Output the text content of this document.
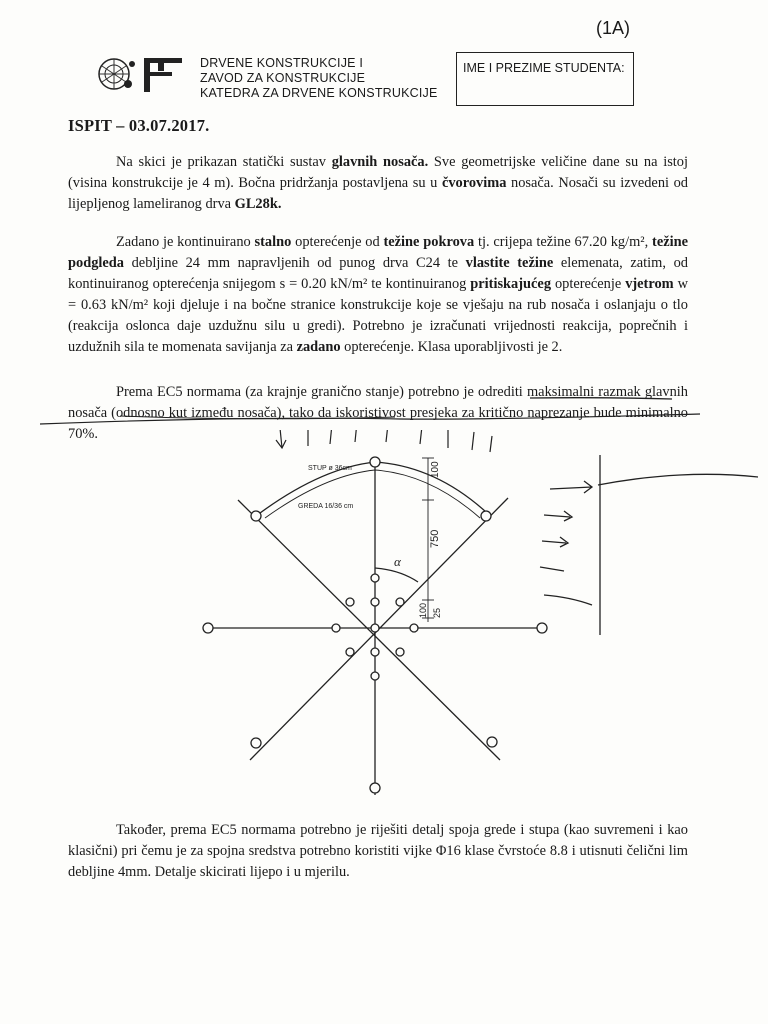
DRVENE KONSTRUKCIJE I
ZAVOD ZA KONSTRUKCIJE
KATEDRA ZA DRVENE KONSTRUKCIJE
IME I PREZIME STUDENTA:
(1A)
ISPIT – 03.07.2017.

Na skici je prikazan statički sustav glavnih nosača. Sve geometrijske veličine dane su na istoj (visina konstrukcije je 4 m). Bočna pridržanja postavljena su u čvorovima nosača. Nosači su izvedeni od lijepljenog lameliranog drva GL28k.

Zadano je kontinuirano stalno opterećenje od težine pokrova tj. crijepa težine 67.20 kg/m², težine podgleda debljine 24 mm napravljenih od punog drva C24 te vlastite težine elemenata, zatim, od kontinuiranog opterećenja snijegom s = 0.20 kN/m² te kontinuiranog pritiskajućeg opterećenje vjetrom w = 0.63 kN/m² koji djeluje i na bočne stranice konstrukcije koje se vješaju na rub nosača i oslanjaju o tlo (reakcija oslonca daje uzdužnu silu u gredi). Potrebno je izračunati vrijednosti reakcija, poprečnih i uzdužnih sila te momenata savijanja za zadano opterećenje. Klasa uporabljivosti je 2.

Prema EC5 normama (za krajnje granično stanje) potrebno je odrediti maksimalni razmak glavnih nosača (odnosno kut između nosača), tako da iskoristivost presjeka za kritično naprezanje bude minimalno 70%.

STUP ø 36cm
GREDA 16/36 cm
α
100
750
100 25

Također, prema EC5 normama potrebno je riješiti detalj spoja grede i stupa (kao suvremeni i kao klasični) pri čemu je za spojna sredstva potrebno koristiti vijke Φ16 klase čvrstoće 8.8 i utisnuti čelični lim debljine 4mm. Detalje skicirati lijepo i u mjerilu.
